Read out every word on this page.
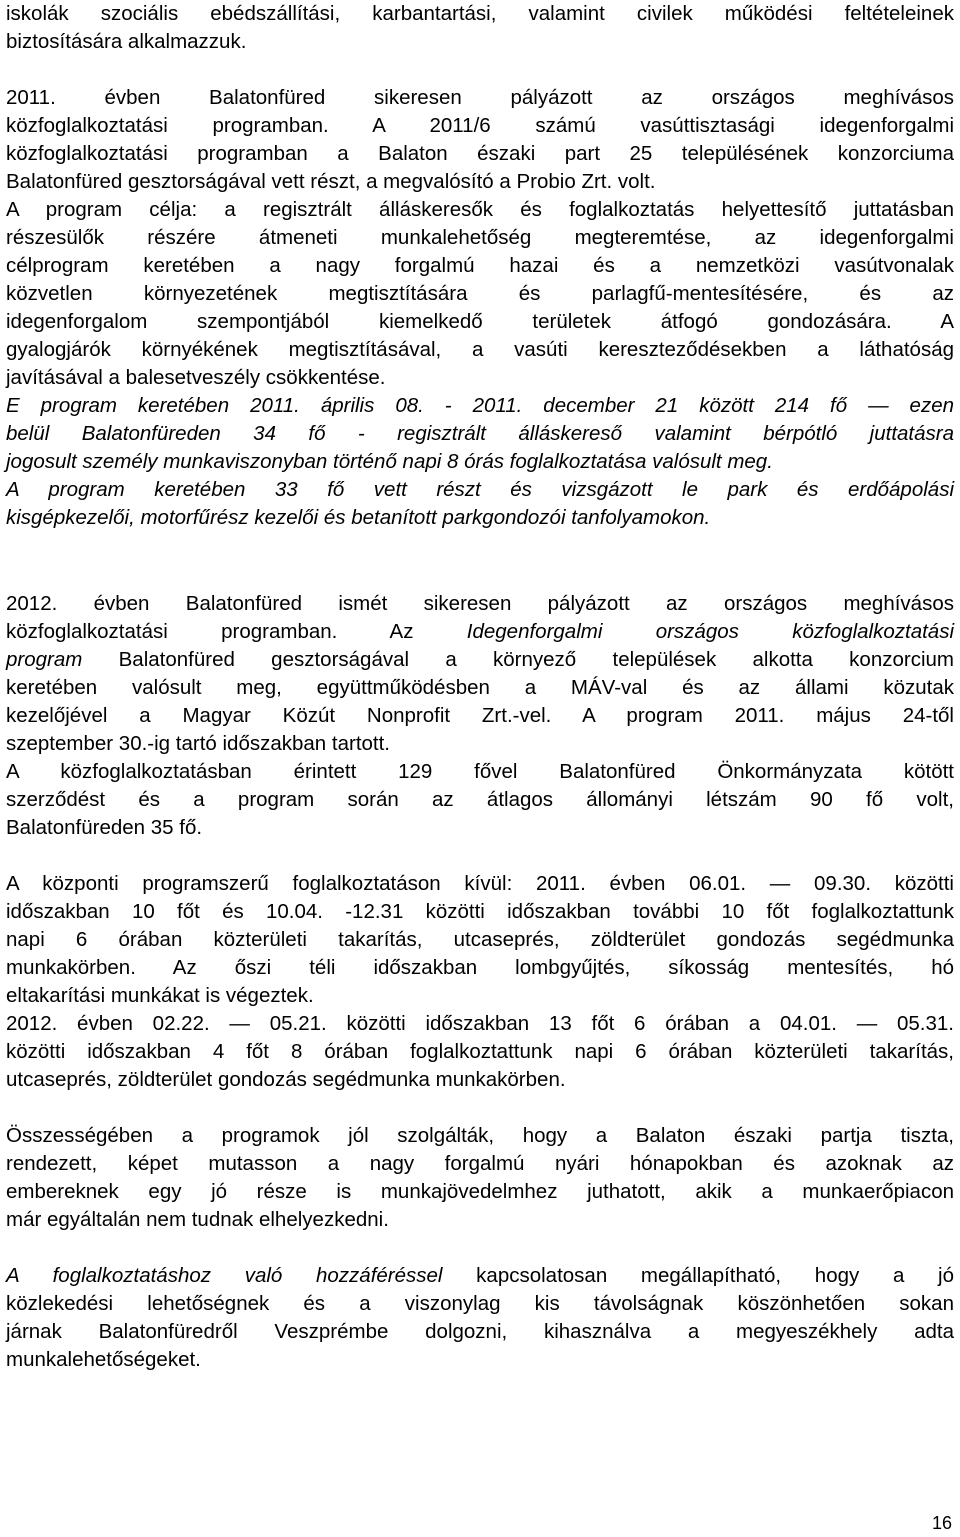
iskolák szociális ebédszállítási, karbantartási, valamint civilek működési feltételeinek
biztosítására alkalmazzuk.
2011. évben Balatonfüred sikeresen pályázott az országos meghívásos
közfoglalkoztatási programban. A 2011/6 számú vasúttisztasági idegenforgalmi
közfoglalkoztatási programban a Balaton északi part 25 településének konzorciuma
Balatonfüred gesztorságával vett részt, a megvalósító a Probio Zrt. volt.
A program célja: a regisztrált álláskeresők és foglalkoztatás helyettesítő juttatásban
részesülők részére átmeneti munkalehetőség megteremtése, az idegenforgalmi
célprogram keretében a nagy forgalmú hazai és a nemzetközi vasútvonalak
közvetlen környezetének megtisztítására és parlagfű-mentesítésére, és az
idegenforgalom szempontjából kiemelkedő területek átfogó gondozására. A
gyalogjárók környékének megtisztításával, a vasúti kereszteződésekben a láthatóság
javításával a balesetveszély csökkentése.
E program keretében 2011. április 08. - 2011. december 21 között 214 fő — ezen
belül Balatonfüreden 34 fő - regisztrált álláskereső valamint bérpótló juttatásra
jogosult személy munkaviszonyban történő napi 8 órás foglalkoztatása valósult meg.
A program keretében 33 fő vett részt és vizsgázott le park és erdőápolási
kisgépkezelői, motorfűrész kezelői és betanított parkgondozói tanfolyamokon.
2012. évben Balatonfüred ismét sikeresen pályázott az országos meghívásos
közfoglalkoztatási programban. Az Idegenforgalmi országos közfoglalkoztatási
program Balatonfüred gesztorságával a környező települések alkotta konzorcium
keretében valósult meg, együttműködésben a MÁV-val és az állami közutak
kezelőjével a Magyar Közút Nonprofit Zrt.-vel. A program 2011. május 24-től
szeptember 30.-ig tartó időszakban tartott.
A közfoglalkoztatásban érintett 129 fővel Balatonfüred Önkormányzata kötött
szerződést és a program során az átlagos állományi létszám 90 fő volt,
Balatonfüreden 35 fő.
A központi programszerű foglalkoztatáson kívül: 2011. évben 06.01. — 09.30. közötti
időszakban 10 főt és 10.04. -12.31 közötti időszakban további 10 főt foglalkoztattunk
napi 6 órában közterületi takarítás, utcaseprés, zöldterület gondozás segédmunka
munkakörben. Az őszi téli időszakban lombgyűjtés, síkosság mentesítés, hó
eltakarítási munkákat is végeztek.
2012. évben 02.22. — 05.21. közötti időszakban 13 főt 6 órában a 04.01. — 05.31.
közötti időszakban 4 főt 8 órában foglalkoztattunk napi 6 órában közterületi takarítás,
utcaseprés, zöldterület gondozás segédmunka munkakörben.
Összességében a programok jól szolgálták, hogy a Balaton északi partja tiszta,
rendezett, képet mutasson a nagy forgalmú nyári hónapokban és azoknak az
embereknek egy jó része is munkajövedelmhez juthatott, akik a munkaerőpiacon
már egyáltalán nem tudnak elhelyezkedni.
A foglalkoztatáshoz való hozzáféréssel kapcsolatosan megállapítható, hogy a jó
közlekedési lehetőségnek és a viszonylag kis távolságnak köszönhetően sokan
járnak Balatonfüredről Veszprémbe dolgozni, kihasználva a megyeszékhely adta
munkalehetőségeket.
16
